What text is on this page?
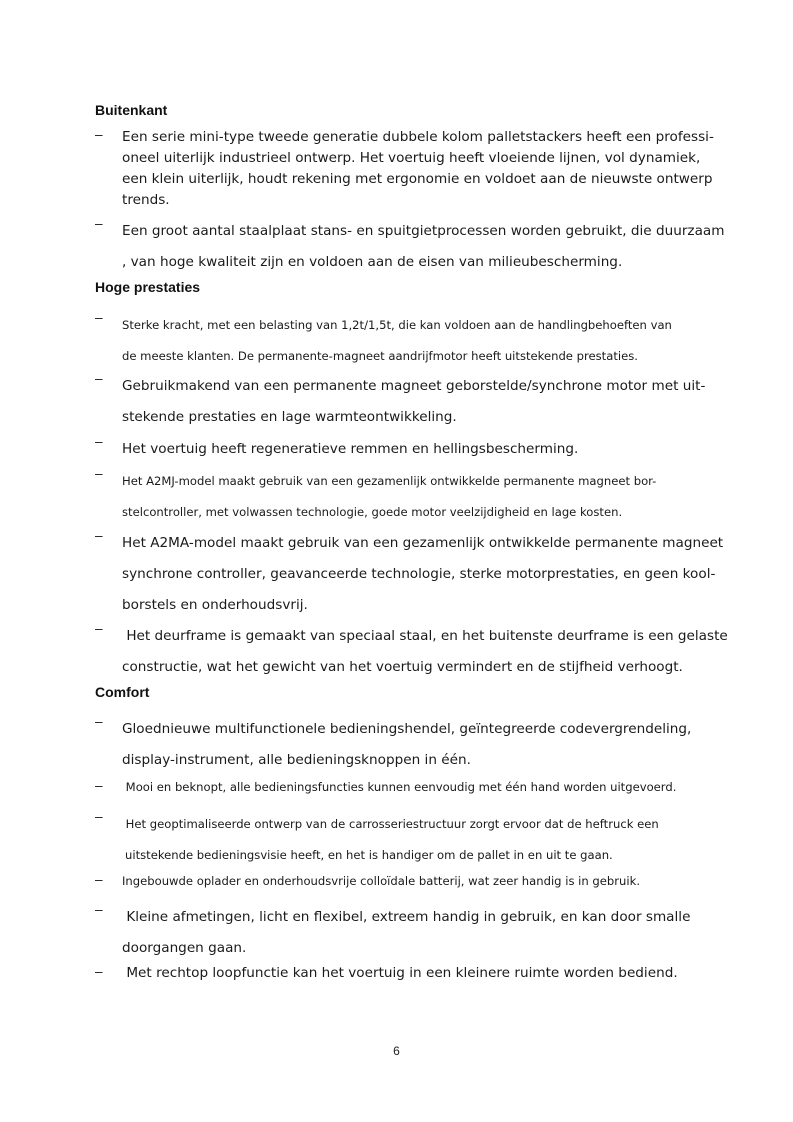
Buitenkant
– Een serie mini-type tweede generatie dubbele kolom palletstackers heeft een professi-
oneel uiterlijk industrieel ontwerp. Het voertuig heeft vloeiende lijnen, vol dynamiek,
een klein uiterlijk, houdt rekening met ergonomie en voldoet aan de nieuwste ontwerp
trends.
– Een groot aantal staalplaat stans- en spuitgietprocessen worden gebruikt, die duurzaam
, van hoge kwaliteit zijn en voldoen aan de eisen van milieubescherming.
Hoge prestaties
– Sterke kracht, met een belasting van 1,2t/1,5t, die kan voldoen aan de handlingbehoeften van
de meeste klanten. De permanente-magneet aandrijfmotor heeft uitstekende prestaties.
– Gebruikmakend van een permanente magneet geborstelde/synchrone motor met uit-
stekende prestaties en lage warmteontwikkeling.
– Het voertuig heeft regeneratieve remmen en hellingsbescherming.
– Het A2MJ-model maakt gebruik van een gezamenlijk ontwikkelde permanente magneet bor-
stelcontroller, met volwassen technologie, goede motor veelzijdigheid en lage kosten.
– Het A2MA-model maakt gebruik van een gezamenlijk ontwikkelde permanente magneet
synchrone controller, geavanceerde technologie, sterke motorprestaties, en geen kool-
borstels en onderhoudsvrij.
– Het deurframe is gemaakt van speciaal staal, en het buitenste deurframe is een gelaste
constructie, wat het gewicht van het voertuig vermindert en de stijfheid verhoogt.
Comfort
– Gloednieuwe multifunctionele bedieningshendel, geïntegreerde codevergrendeling,
display-instrument, alle bedieningsknoppen in één.
– Mooi en beknopt, alle bedieningsfuncties kunnen eenvoudig met één hand worden uitgevoerd.
– Het geoptimaliseerde ontwerp van de carrosseriestructuur zorgt ervoor dat de heftruck een
uitstekende bedieningsvisie heeft, en het is handiger om de pallet in en uit te gaan.
– Ingebouwde oplader en onderhoudsvrije colloïdale batterij, wat zeer handig is in gebruik.
– Kleine afmetingen, licht en flexibel, extreem handig in gebruik, en kan door smalle
doorgangen gaan.
– Met rechtop loopfunctie kan het voertuig in een kleinere ruimte worden bediend.
6
